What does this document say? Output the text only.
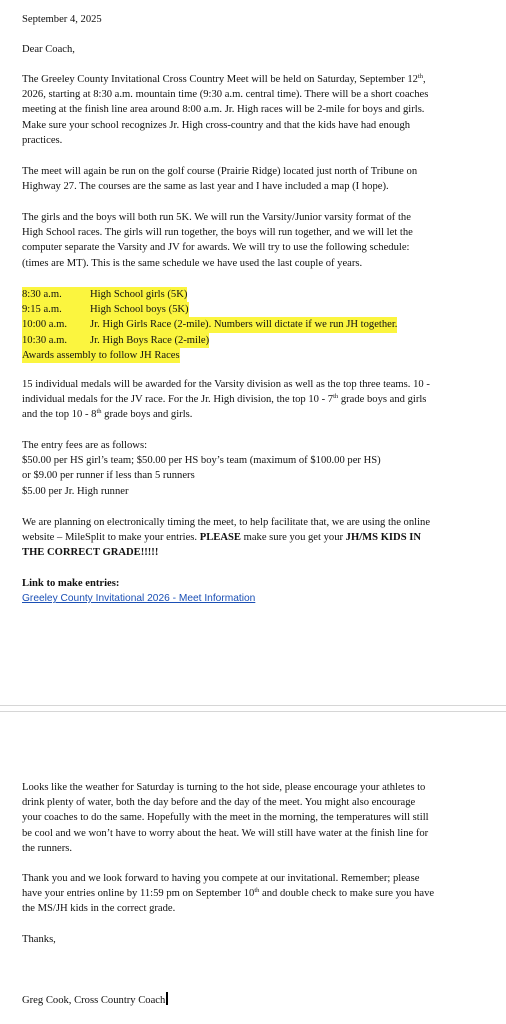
September 4, 2025
Dear Coach,
The Greeley County Invitational Cross Country Meet will be held on Saturday, September 12th,
2026, starting at 8:30 a.m. mountain time (9:30 a.m. central time). There will be a short coaches
meeting at the finish line area around 8:00 a.m. Jr. High races will be 2-mile for boys and girls.
Make sure your school recognizes Jr. High cross-country and that the kids have had enough
practices.
The meet will again be run on the golf course (Prairie Ridge) located just north of Tribune on
Highway 27. The courses are the same as last year and I have included a map (I hope).
The girls and the boys will both run 5K. We will run the Varsity/Junior varsity format of the
High School races. The girls will run together, the boys will run together, and we will let the
computer separate the Varsity and JV for awards. We will try to use the following schedule:
(times are MT). This is the same schedule we have used the last couple of years.
8:30 a.m.	High School girls (5K)
9:15 a.m.	High School boys (5K)
10:00 a.m. Jr. High Girls Race (2-mile). Numbers will dictate if we run JH together.
10:30 a.m. Jr. High Boys Race (2-mile)
Awards assembly to follow JH Races
15 individual medals will be awarded for the Varsity division as well as the top three teams. 10 -
individual medals for the JV race. For the Jr. High division, the top 10 - 7th grade boys and girls
and the top 10 - 8th grade boys and girls.
The entry fees are as follows:
$50.00 per HS girl’s team; $50.00 per HS boy’s team (maximum of $100.00 per HS)
or $9.00 per runner if less than 5 runners
$5.00 per Jr. High runner
We are planning on electronically timing the meet, to help facilitate that, we are using the online
website – MileSplit to make your entries. PLEASE make sure you get your JH/MS KIDS IN
THE CORRECT GRADE!!!!!
Link to make entries:
Greeley County Invitational 2026 - Meet Information
Looks like the weather for Saturday is turning to the hot side, please encourage your athletes to
drink plenty of water, both the day before and the day of the meet. You might also encourage
your coaches to do the same. Hopefully with the meet in the morning, the temperatures will still
be cool and we won’t have to worry about the heat. We will still have water at the finish line for
the runners.
Thank you and we look forward to having you compete at our invitational. Remember; please
have your entries online by 11:59 pm on September 10th and double check to make sure you have
the MS/JH kids in the correct grade.
Thanks,
Greg Cook, Cross Country Coach
